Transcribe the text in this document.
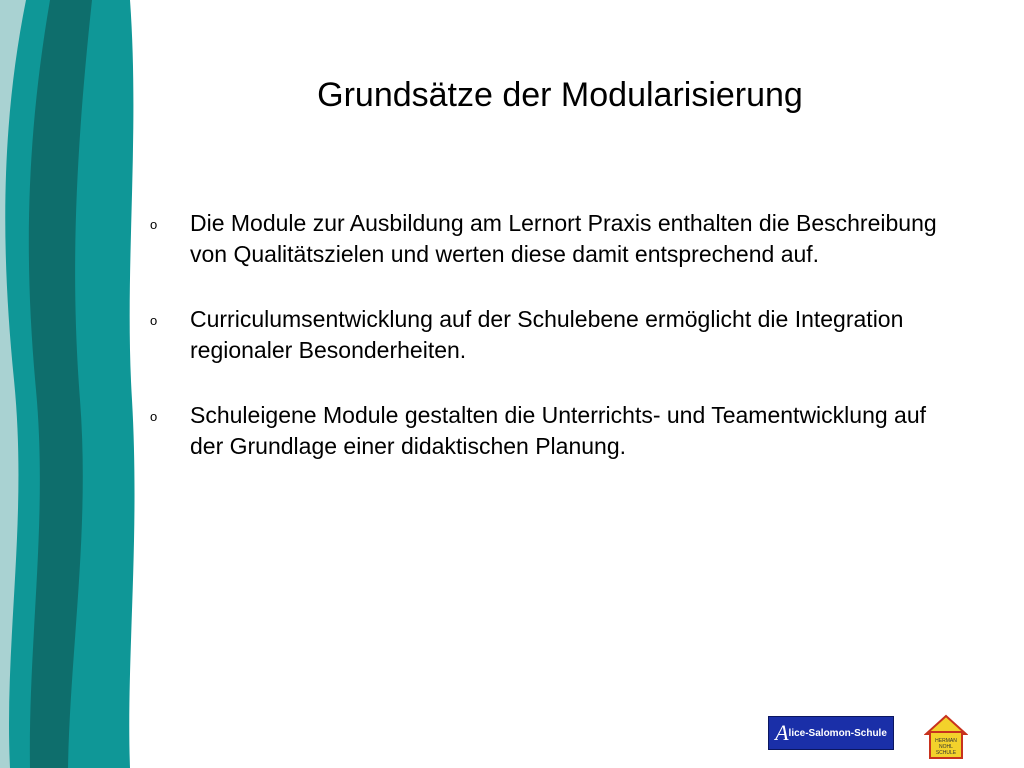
Grundsätze der Modularisierung
o	Die Module zur Ausbildung am Lernort Praxis enthalten die Beschreibung von Qualitätszielen und werten diese damit entsprechend auf.
o	Curriculumsentwicklung auf der Schulebene ermöglicht die Integration regionaler Besonderheiten.
o	Schuleigene Module gestalten die Unterrichts- und Teamentwicklung auf der Grundlage einer didaktischen Planung.
A lice-Salomon-Schule
HERMAN
NOHL
SCHULE
